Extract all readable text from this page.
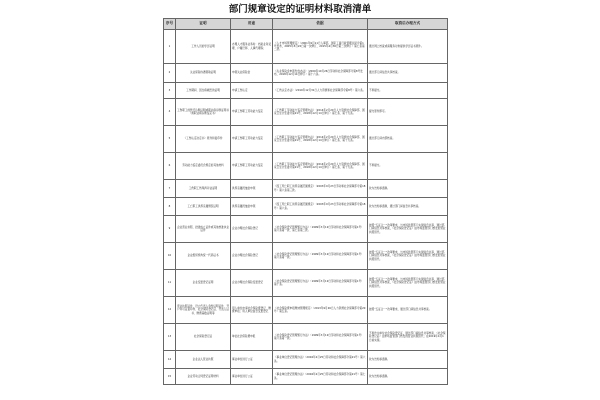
部门规章设定的证明材料取消清单
序号	证明	用途	依据	取消后办理方式
1	工作人员的学历证明	办理人才服务业务时：档案业务受理、户籍迁移、人事代理等；	《人才市场管理规定》（2001年9月11日人事部、国家工商行政管理总局令第1号发布，2005年3月22日第一次修订，2015年4月30日第二次修订）第七条第二款。	通过网上核查或请服务对象提供学历证书原件。
2	失业保险待遇领取证明	申领失业保险金	《失业保险金申领发放办法》（2000年10月26日劳动和社会保障部令第8号发布，2018年12月14日修订）第十六条。	通过部门间信息共享核查。
3	工作期间、因生病就医的证明	申请工伤认定	《工伤认定办法》（2010年12月31日人力资源和社会保障部令第8号）第六条。	不再提交。
4	工伤职工的医疗诊断证明或职业病诊断证明书（或职业病诊断鉴定书）	申请工伤职工劳动能力鉴定	《工伤职工劳动能力鉴定管理办法》（2014年2月20日人力资源社会保障部、国家卫生计生委令第21号，2018年12月14日修订）第七条、第十九条。	提交原件即可。
5	《工伤认定决定书》原件和复印件	申请工伤职工劳动能力鉴定	《工伤职工劳动能力鉴定管理办法》（2014年2月20日人力资源社会保障部、国家卫生计生委令第21号，2018年12月14日修订）第七条、第十九条。	通过部门间内部核查。
6	劳动能力鉴定委员会规定的其他材料	申请工伤职工劳动能力鉴定	《工伤职工劳动能力鉴定管理办法》（2014年2月20日人力资源社会保障部、国家卫生计生委令第21号，2018年12月14日修订）第七条、第十九条。	不再提交。
7	工伤职工伤残再评估证明	供养亲属抚恤金申领	《因工死亡职工供养亲属范围规定》（2003年9月23日劳动和社会保障部令第18号）第六条第三款。	改为告知承诺制。
8	工亡职工供养亲属情况证明	供养亲属抚恤金申领	《因工死亡职工供养亲属范围规定》（2003年9月23日劳动和社会保障部令第18号）第六条。	改为告知承诺制，通过部门间信息共享核查。
9	企业营业执照、批准成立证件或其他核准执业证件	企业办理社会保险登记	《社会保险登记管理暂行办法》（1999年3月19日劳动和社会保障部令第1号）第六条第一款、第七条第二款。	按照“五证合一”改革要求，与市场监管部门实现信息共享，通过部门间信息共享核查，《社会保险登记证》由市场监管部门核发的营业执照替代。
10	企业组织机构统一代码证书	企业办理社会保险登记	《社会保险登记管理暂行办法》（1999年3月19日劳动和社会保障部令第1号）第六条第一款。	按照“五证合一”改革要求，与市场监管部门实现信息共享，通过部门间信息共享核查，《社会保险登记证》由市场监管部门核发的营业执照替代。
11	企业变更登记证明	企业办理社会保险变更登记	《社会保险登记管理暂行办法》（1999年3月19日劳动和社会保障部令第1号）第十条。	按照“五证合一”改革要求，与市场监管部门实现信息共享，通过部门间信息共享核查，《社会保险登记证》由市场监管部门核发的营业执照替代。
12	营业执照证件、设立代表人身份证明证件、开户许可证复印件、社会保险登记证、代表人证书、缴费基数证明等	用人单位申请社会保险费登记、缴费申报；用人单位信息变更登记	《社会保险费申报缴纳管理规定》（2013年9月26日人力资源社会保障部令第20号）第五条。	按照“五证合一”改革要求，通过部门间信息共享核查。
13	社会保险登记证	单位社会保险费申报	《社会保险登记管理暂行办法》（1999年3月19日劳动和社会保障部令第1号）第六条第一款。	不再作为单位社会保险登记证，通过部门间信息共享核查，《社会保险登记证》由市场监管部门核发的营业执照替代；在2019年4月1日前实现。
14	企业法人营业执照	事业单位进行公证	《事业单位登记管理办法》（2004年2月25日劳动和社会保障部令第21号）第六条。	改为告知承诺制。
15	企业劳动合同登记证明材料	事业单位进行公证	《事业单位登记管理办法》（2004年2月25日劳动和社会保障部令第21号）第七条。	改为告知承诺制。
